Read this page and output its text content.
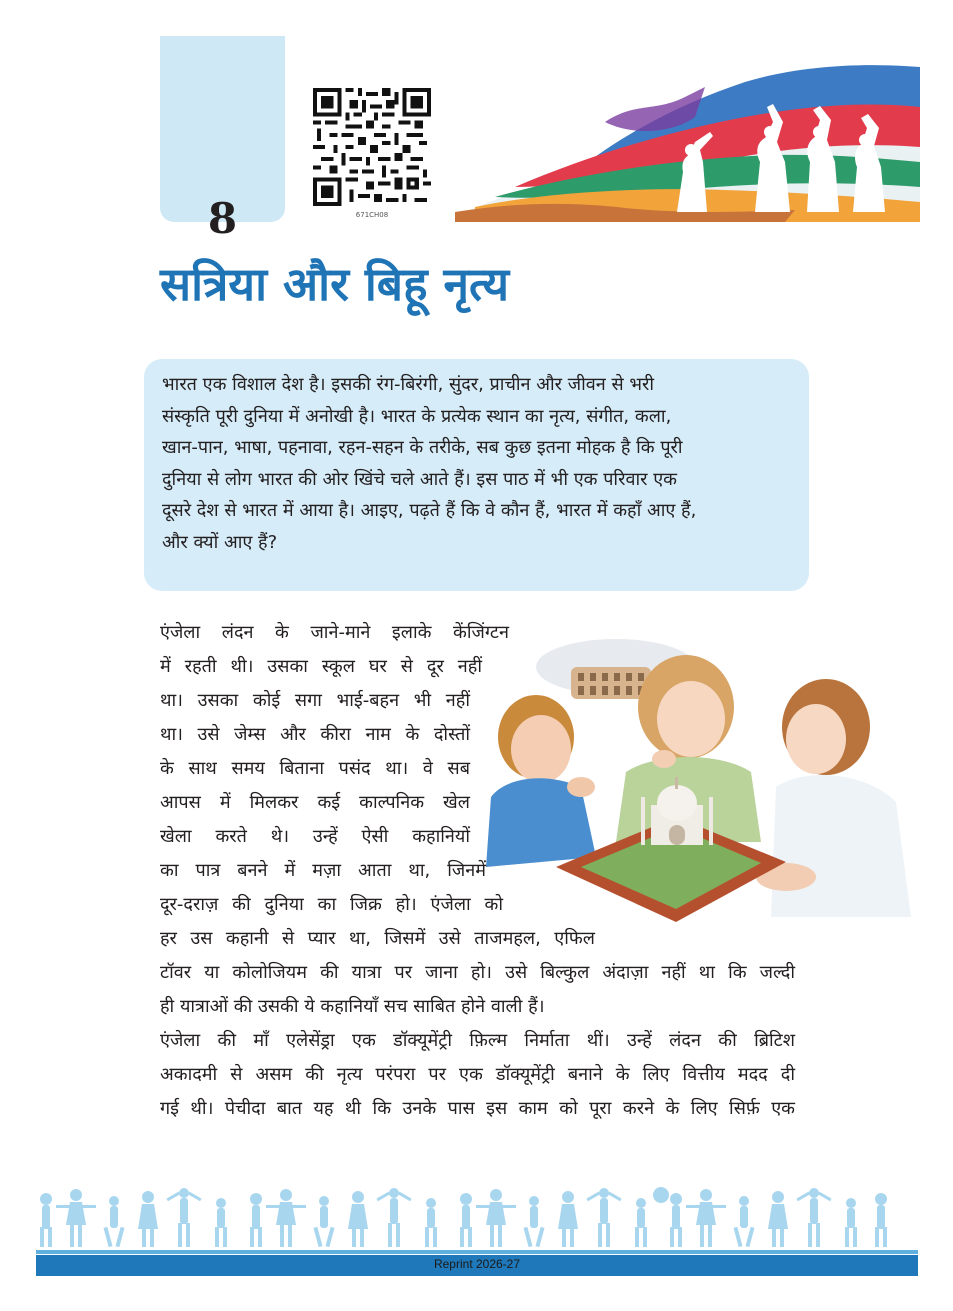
8	671CH08
सत्रिया और बिहू नृत्य
भारत एक विशाल देश है। इसकी रंग-बिरंगी, सुंदर, प्राचीन और जीवन से भरी
संस्कृति पूरी दुनिया में अनोखी है। भारत के प्रत्येक स्थान का नृत्य, संगीत, कला,
खान-पान, भाषा, पहनावा, रहन-सहन के तरीके, सब कुछ इतना मोहक है कि पूरी
दुनिया से लोग भारत की ओर खिंचे चले आते हैं। इस पाठ में भी एक परिवार एक
दूसरे देश से भारत में आया है। आइए, पढ़ते हैं कि वे कौन हैं, भारत में कहाँ आए हैं,
और क्यों आए हैं?
एंजेला लंदन के जाने-माने इलाके केंजिंग्टन
में रहती थी। उसका स्कूल घर से दूर नहीं
था। उसका कोई सगा भाई-बहन भी नहीं
था। उसे जेम्स और कीरा नाम के दोस्तों
के साथ समय बिताना पसंद था। वे सब
आपस में मिलकर कई काल्पनिक खेल
खेला करते थे। उन्हें ऐसी कहानियों
का पात्र बनने में मज़ा आता था, जिनमें
दूर-दराज़ की दुनिया का जिक्र हो। एंजेला को
हर उस कहानी से प्यार था, जिसमें उसे ताजमहल, एफिल
टॉवर या कोलोजियम की यात्रा पर जाना हो। उसे बिल्कुल अंदाज़ा नहीं था कि जल्दी
ही यात्राओं की उसकी ये कहानियाँ सच साबित होने वाली हैं।
एंजेला की माँ एलेसेंड्रा एक डॉक्यूमेंट्री फ़िल्म निर्माता थीं। उन्हें लंदन की ब्रिटिश
अकादमी से असम की नृत्य परंपरा पर एक डॉक्यूमेंट्री बनाने के लिए वित्तीय मदद दी
गई थी। पेचीदा बात यह थी कि उनके पास इस काम को पूरा करने के लिए सिर्फ़ एक
Reprint 2026-27
